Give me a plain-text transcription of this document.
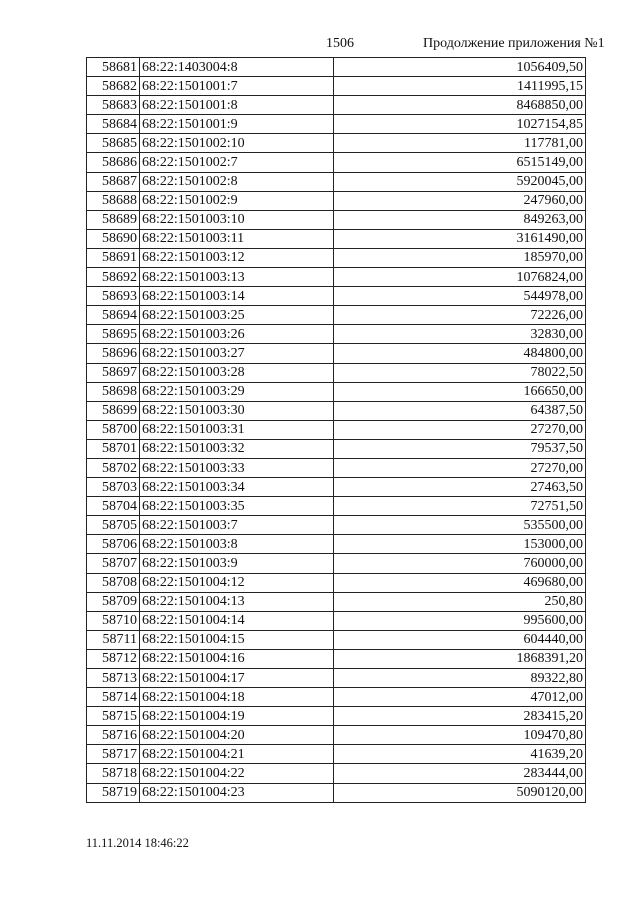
1506	Продолжение приложения №1
58681	68:22:1403004:8	1056409,50
58682	68:22:1501001:7	1411995,15
58683	68:22:1501001:8	8468850,00
58684	68:22:1501001:9	1027154,85
58685	68:22:1501002:10	117781,00
58686	68:22:1501002:7	6515149,00
58687	68:22:1501002:8	5920045,00
58688	68:22:1501002:9	247960,00
58689	68:22:1501003:10	849263,00
58690	68:22:1501003:11	3161490,00
58691	68:22:1501003:12	185970,00
58692	68:22:1501003:13	1076824,00
58693	68:22:1501003:14	544978,00
58694	68:22:1501003:25	72226,00
58695	68:22:1501003:26	32830,00
58696	68:22:1501003:27	484800,00
58697	68:22:1501003:28	78022,50
58698	68:22:1501003:29	166650,00
58699	68:22:1501003:30	64387,50
58700	68:22:1501003:31	27270,00
58701	68:22:1501003:32	79537,50
58702	68:22:1501003:33	27270,00
58703	68:22:1501003:34	27463,50
58704	68:22:1501003:35	72751,50
58705	68:22:1501003:7	535500,00
58706	68:22:1501003:8	153000,00
58707	68:22:1501003:9	760000,00
58708	68:22:1501004:12	469680,00
58709	68:22:1501004:13	250,80
58710	68:22:1501004:14	995600,00
58711	68:22:1501004:15	604440,00
58712	68:22:1501004:16	1868391,20
58713	68:22:1501004:17	89322,80
58714	68:22:1501004:18	47012,00
58715	68:22:1501004:19	283415,20
58716	68:22:1501004:20	109470,80
58717	68:22:1501004:21	41639,20
58718	68:22:1501004:22	283444,00
58719	68:22:1501004:23	5090120,00
11.11.2014 18:46:22
